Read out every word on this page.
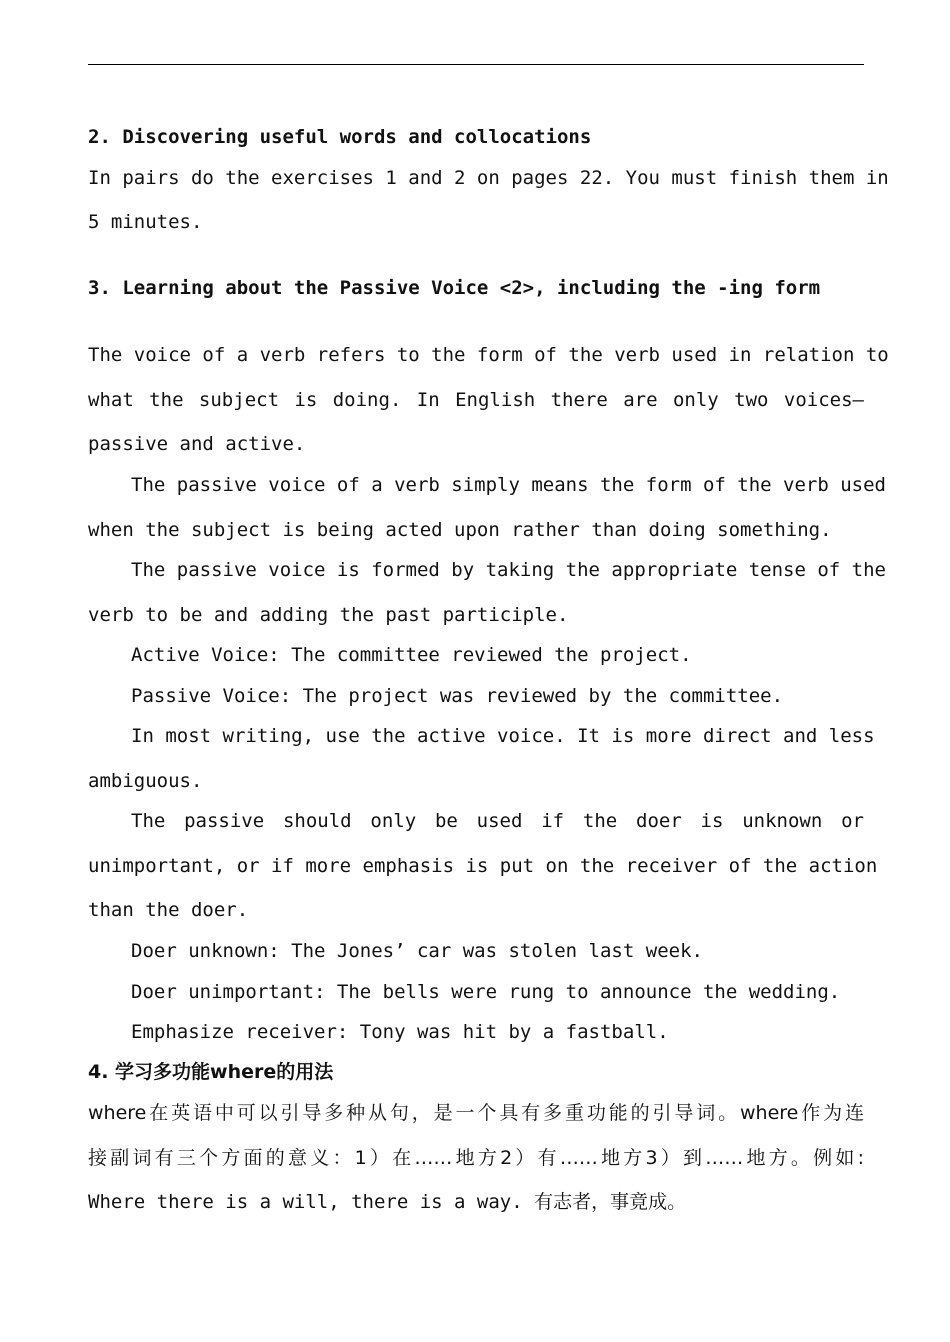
2. Discovering useful words and collocations
In pairs do the exercises 1 and 2 on pages 22. You must finish them in
5 minutes.
3. Learning about the Passive Voice <2>, including the -ing form
The voice of a verb refers to the form of the verb used in relation to
what the subject is doing. In English there are only two voices—
passive and active.
The passive voice of a verb simply means the form of the verb used
when the subject is being acted upon rather than doing something.
The passive voice is formed by taking the appropriate tense of the
verb to be and adding the past participle.
Active Voice: The committee reviewed the project.
Passive Voice: The project was reviewed by the committee.
In most writing, use the active voice. It is more direct and less
ambiguous.
The passive should only be used if the doer is unknown or
unimportant, or if more emphasis is put on the receiver of the action
than the doer.
Doer unknown: The Jones’ car was stolen last week.
Doer unimportant: The bells were rung to announce the wedding.
Emphasize receiver: Tony was hit by a fastball.
4. 学习多功能where的用法
where在英语中可以引导多种从句，是一个具有多重功能的引导词。where作为连
接副词有三个方面的意义：1）在……地方2）有……地方3）到……地方。例如:
Where there is a will, there is a way. 有志者，事竟成。
